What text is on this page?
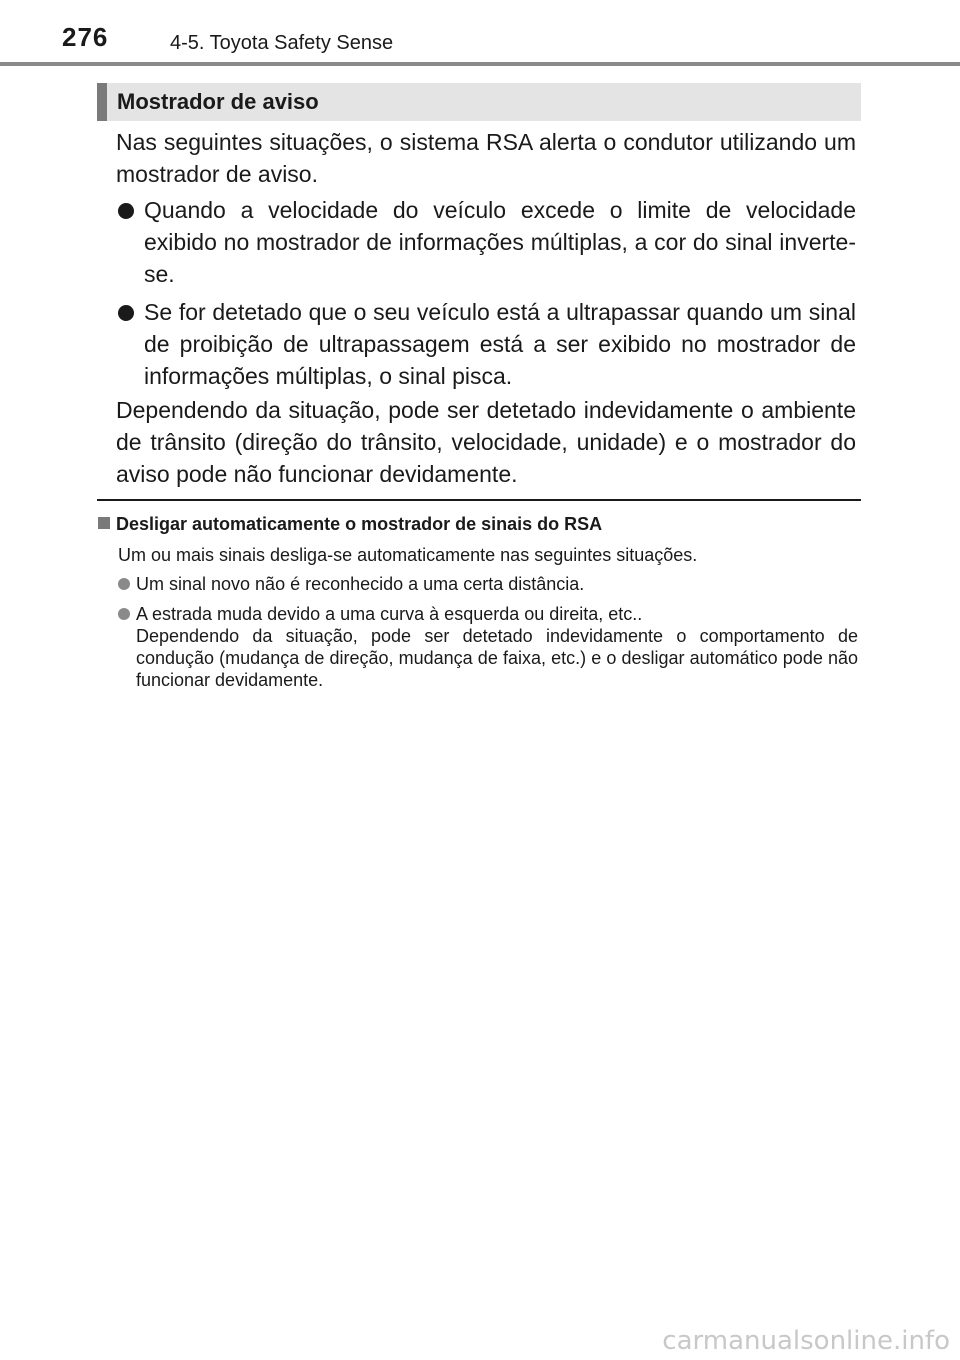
276	4-5. Toyota Safety Sense
Mostrador de aviso
Nas seguintes situações, o sistema RSA alerta o condutor utilizando um mostrador de aviso.
Quando a velocidade do veículo excede o limite de velocidade exibido no mostrador de informações múltiplas, a cor do sinal inverte-se.
Se for detetado que o seu veículo está a ultrapassar quando um sinal de proibição de ultrapassagem está a ser exibido no mostrador de informações múltiplas, o sinal pisca.
Dependendo da situação, pode ser detetado indevidamente o ambiente de trânsito (direção do trânsito, velocidade, unidade) e o mostrador do aviso pode não funcionar devidamente.
Desligar automaticamente o mostrador de sinais do RSA
Um ou mais sinais desliga-se automaticamente nas seguintes situações.
Um sinal novo não é reconhecido a uma certa distância.
A estrada muda devido a uma curva à esquerda ou direita, etc..
Dependendo da situação, pode ser detetado indevidamente o comportamento de condução (mudança de direção, mudança de faixa, etc.) e o desligar automático pode não funcionar devidamente.
carmanualsonline.info
